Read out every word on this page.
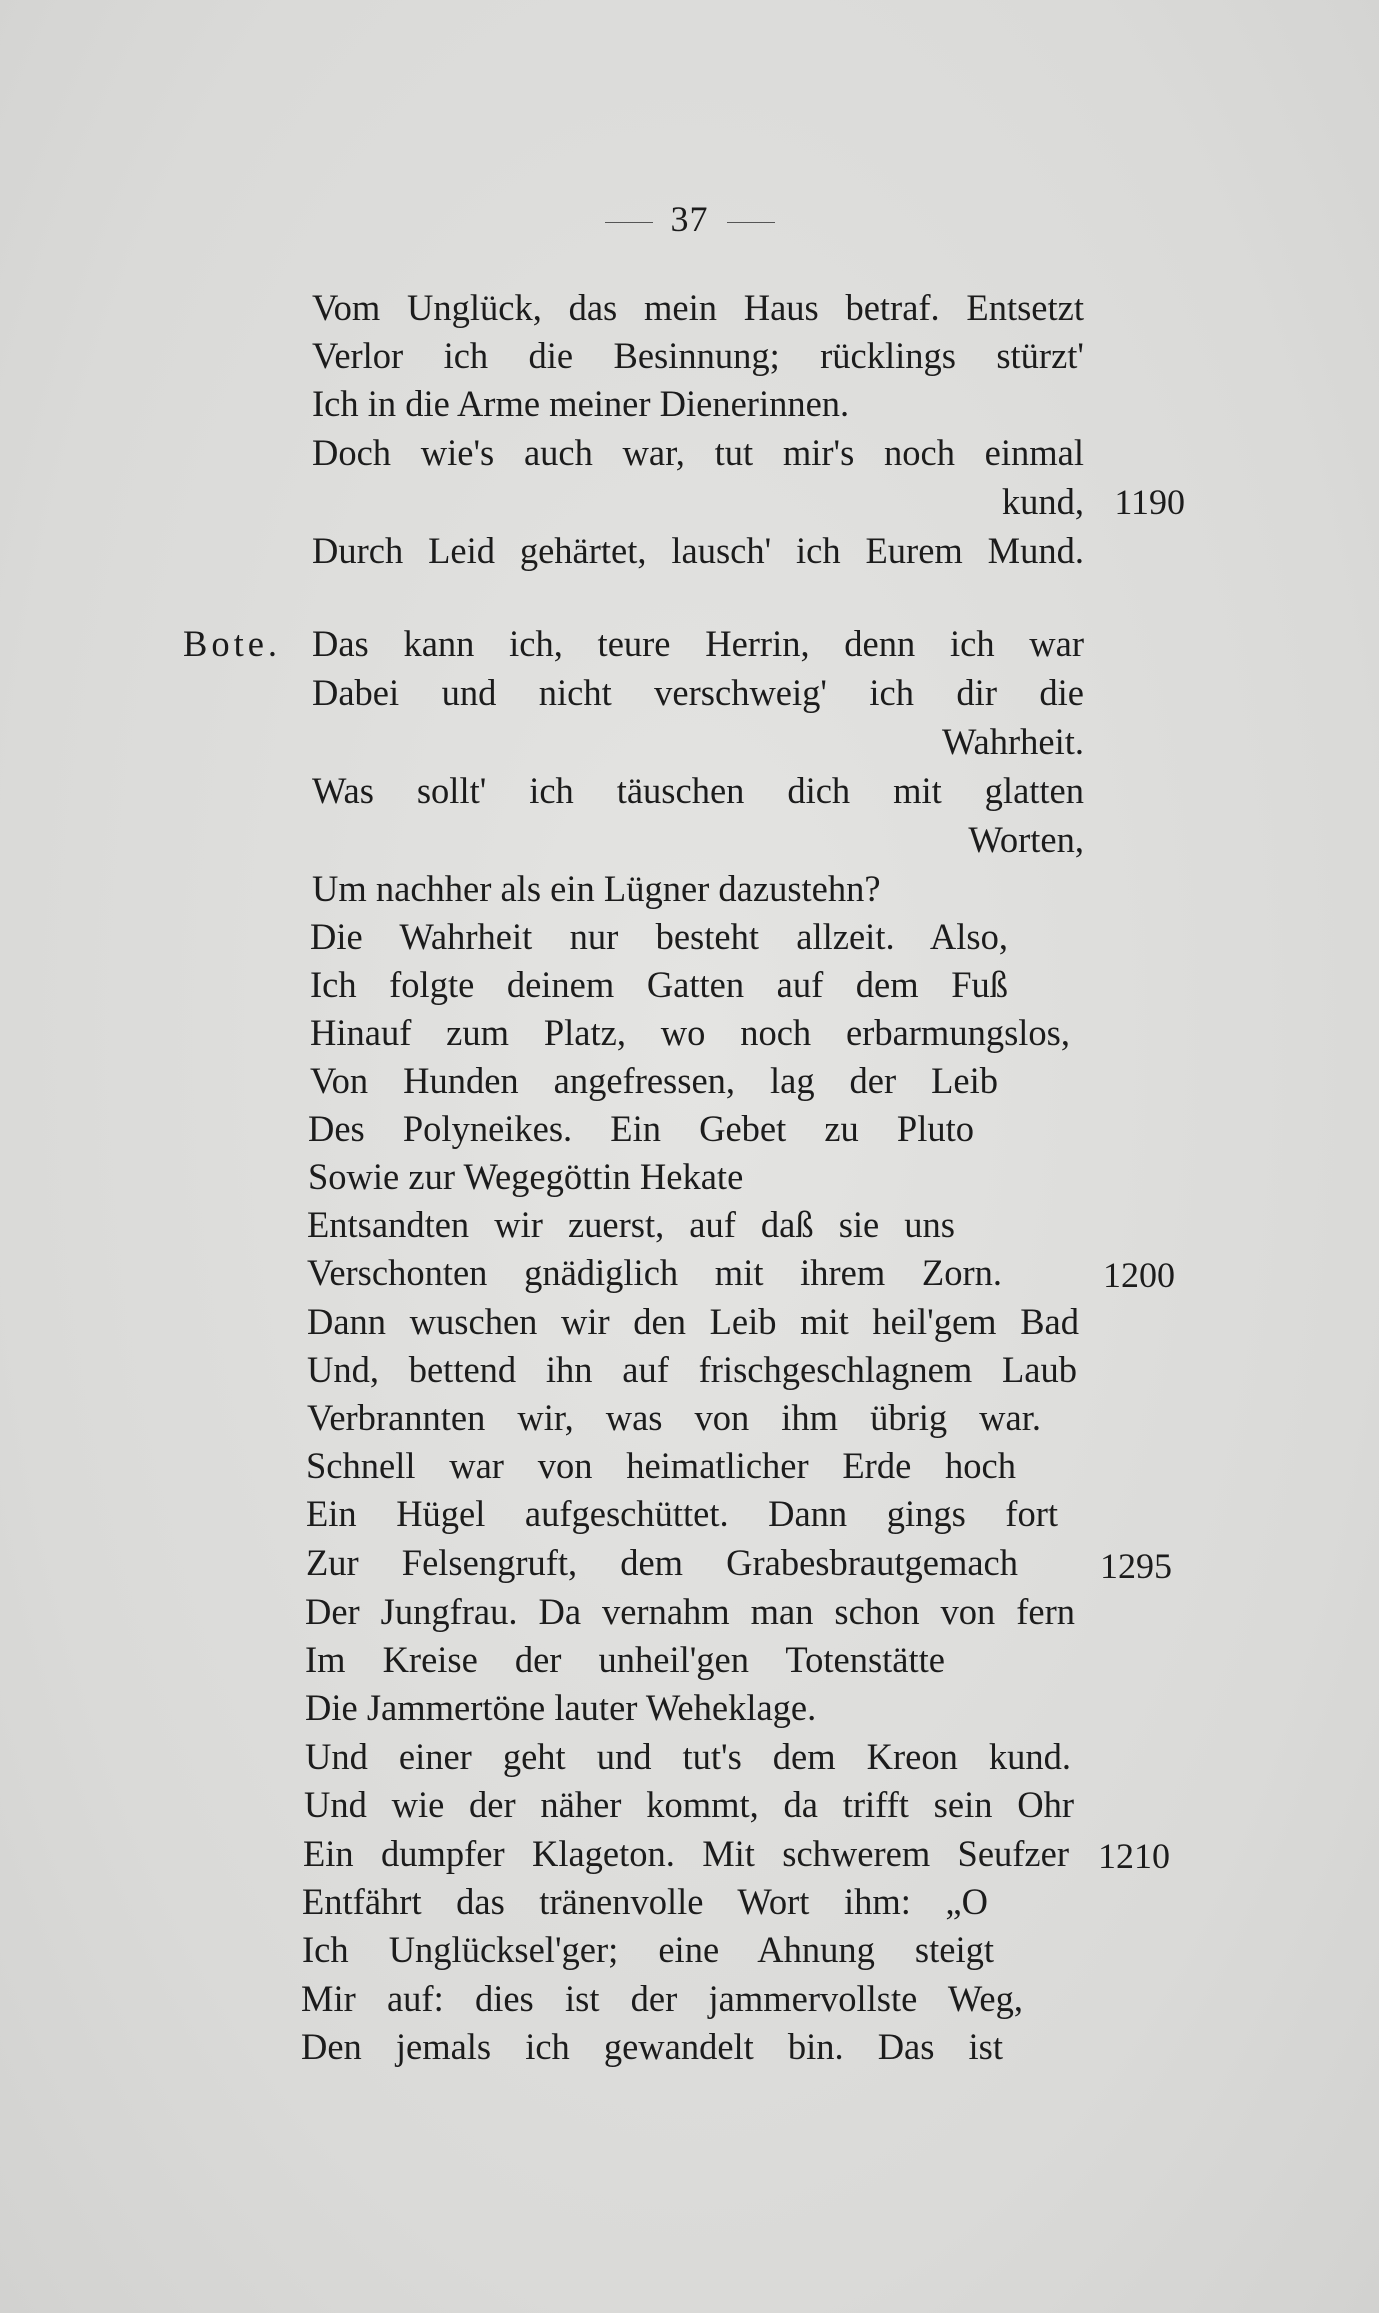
37
Vom Unglück, das mein Haus betraf. Entsetzt
Verlor ich die Besinnung; rücklings stürzt'
Ich in die Arme meiner Dienerinnen.
Doch wie's auch war, tut mir's noch einmal
kund, 1190
Durch Leid gehärtet, lausch' ich Eurem Mund.
Bote. Das kann ich, teure Herrin, denn ich war
Dabei und nicht verschweig' ich dir die
Wahrheit.
Was sollt' ich täuschen dich mit glatten
Worten,
Um nachher als ein Lügner dazustehn?
Die Wahrheit nur besteht allzeit. Also,
Ich folgte deinem Gatten auf dem Fuß
Hinauf zum Platz, wo noch erbarmungslos,
Von Hunden angefressen, lag der Leib
Des Polyneikes. Ein Gebet zu Pluto
Sowie zur Wegegöttin Hekate
Entsandten wir zuerst, auf daß sie uns
Verschonten gnädiglich mit ihrem Zorn.	1200
Dann wuschen wir den Leib mit heil'gem Bad
Und, bettend ihn auf frischgeschlagnem Laub
Verbrannten wir, was von ihm übrig war.
Schnell war von heimatlicher Erde hoch
Ein Hügel aufgeschüttet. Dann gings fort
Zur Felsengruft, dem Grabesbrautgemach	1295
Der Jungfrau. Da vernahm man schon von fern
Im Kreise der unheil'gen Totenstätte
Die Jammertöne lauter Weheklage.
Und einer geht und tut's dem Kreon kund.
Und wie der näher kommt, da trifft sein Ohr
Ein dumpfer Klageton. Mit schwerem Seufzer 1210
Entfährt das tränenvolle Wort ihm: „O
Ich Unglücksel'ger; eine Ahnung steigt
Mir auf: dies ist der jammervollste Weg,
Den jemals ich gewandelt bin. Das ist
